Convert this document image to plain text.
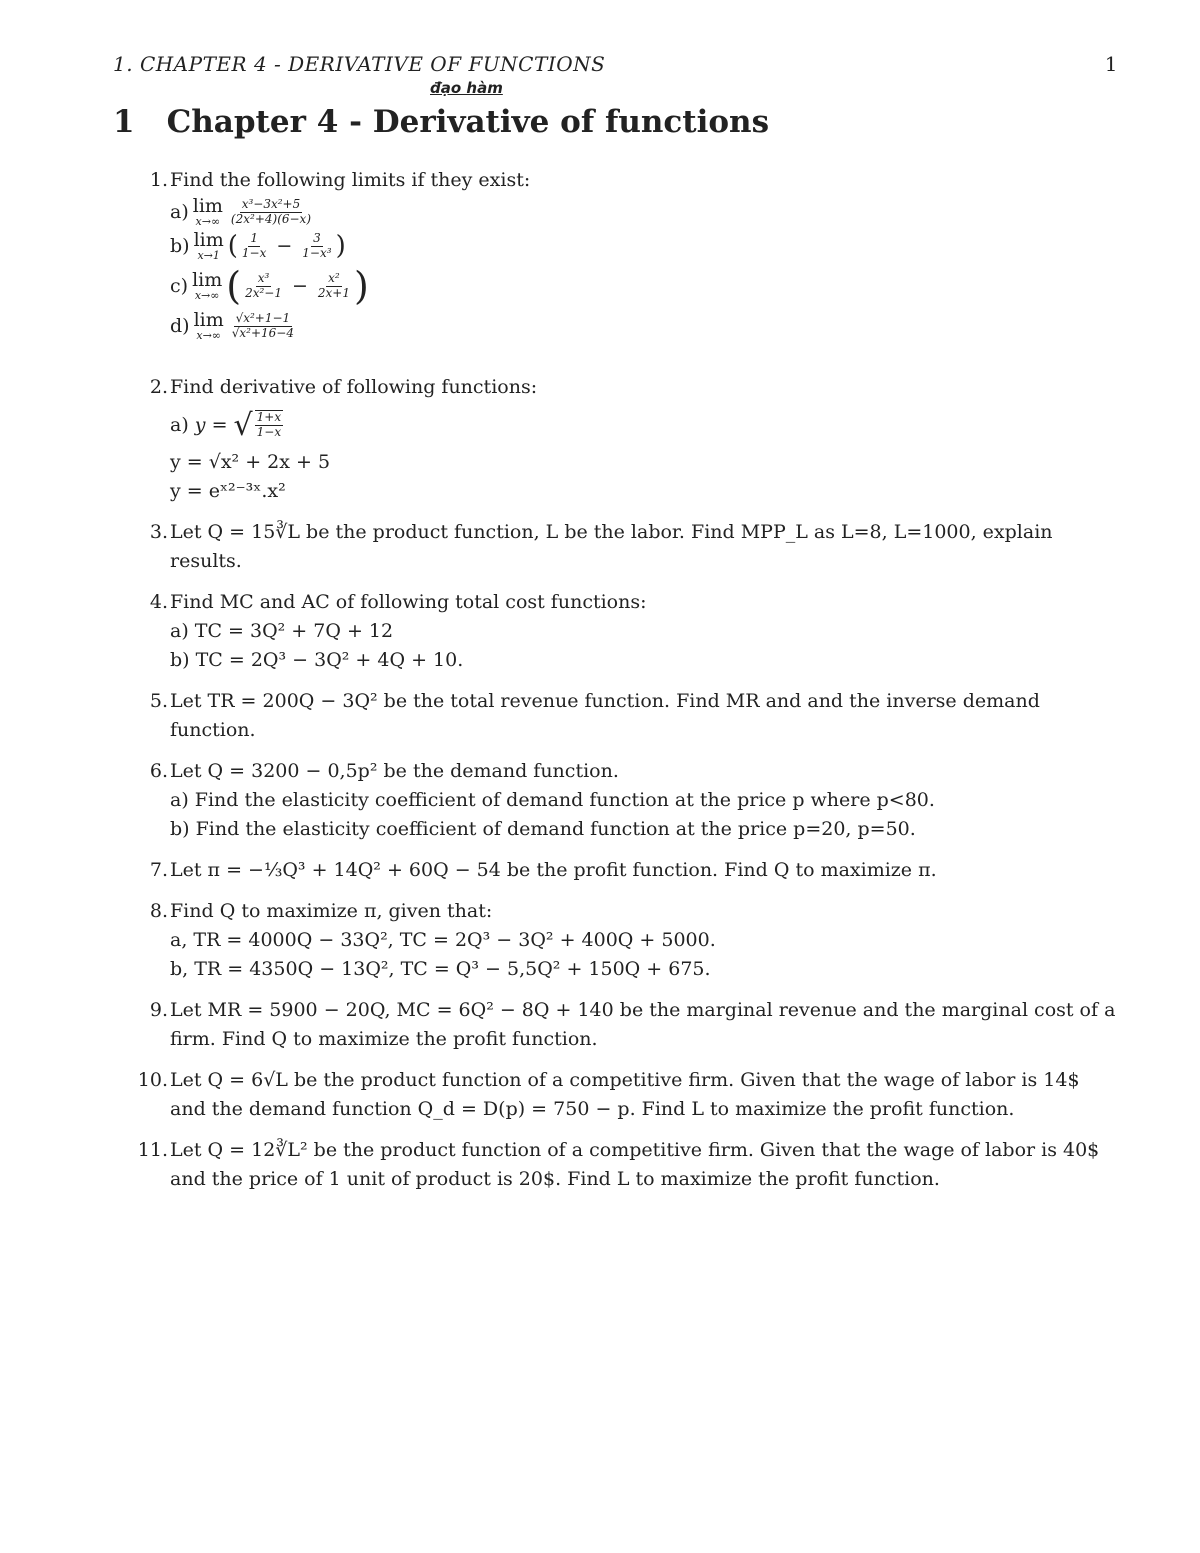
1. CHAPTER 4 - DERIVATIVE OF FUNCTIONS	1
đạo hàm
1 Chapter 4 - Derivative of functions
1. Find the following limits if they exist:
a) lim
$x\to\infty \frac{\text{x³−3x²+5}}{\text{(2x²+4)(6−x)}}$
b) lim
x→1 ( $\frac{1}{1-x} - \frac{3}{\text{1−x³}}$ )
c) lim
x→∞ ( $\frac{\text{x³}}{\text{2x²−1}} - \frac{\text{x²}}{2x+1}$ )
d) lim
$x\to\infty \frac{\text{√x²+1−1}}{\text{√x²+16−4}}$
2. Find derivative of following functions:
a)
y =
√ $\frac{1+x}{1-x}$
y = √x² + 2x + 5
y = eˣ²⁻³ˣ.x²
3. Let Q = 15∛L be the product function, L be the labor. Find MPP_L as L=8, L=1000, explain results.
4. Find MC and AC of following total cost functions:
a) TC = 3Q² + 7Q + 12
b) TC = 2Q³ − 3Q² + 4Q + 10.
5. Let TR = 200Q − 3Q² be the total revenue function. Find MR and and the inverse demand function.
6. Let Q = 3200 − 0,5p² be the demand function.
a) Find the elasticity coefficient of demand function at the price p where p<80.
b) Find the elasticity coefficient of demand function at the price p=20, p=50.
7. Let π = −⅓Q³ + 14Q² + 60Q − 54 be the profit function. Find Q to maximize π.
8. Find Q to maximize π, given that:
a, TR = 4000Q − 33Q², TC = 2Q³ − 3Q² + 400Q + 5000.
b, TR = 4350Q − 13Q², TC = Q³ − 5,5Q² + 150Q + 675.
9. Let MR = 5900 − 20Q, MC = 6Q² − 8Q + 140 be the marginal revenue and the marginal cost of a firm. Find Q to maximize the profit function.
10. Let Q = 6√L be the product function of a competitive firm. Given that the wage of labor is 14$ and the demand function Q_d = D(p) = 750 − p. Find L to maximize the profit function.
11. Let Q = 12∛L² be the product function of a competitive firm. Given that the wage of labor is 40$ and the price of 1 unit of product is 20$. Find L to maximize the profit function.
